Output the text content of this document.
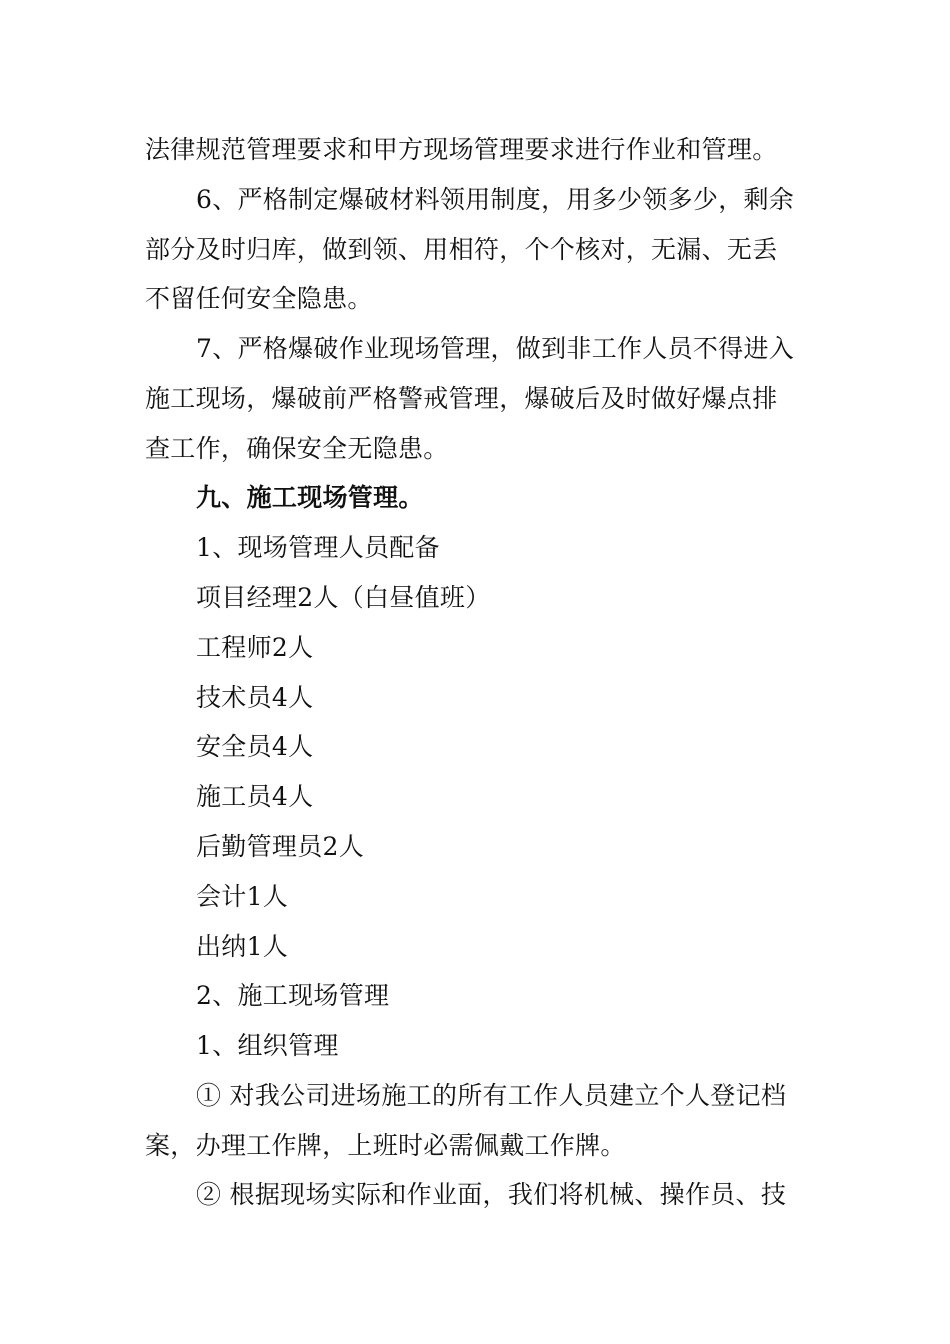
法律规范管理要求和甲方现场管理要求进行作业和管理。
6、严格制定爆破材料领用制度，用多少领多少，剩余
部分及时归库，做到领、用相符，个个核对，无漏、无丢
不留任何安全隐患。
7、严格爆破作业现场管理，做到非工作人员不得进入
施工现场，爆破前严格警戒管理，爆破后及时做好爆点排
查工作，确保安全无隐患。
九、施工现场管理。
1、现场管理人员配备
项目经理2人（白昼值班）
工程师2人
技术员4人
安全员4人
施工员4人
后勤管理员2人
会计1人
出纳1人
2、施工现场管理
1、组织管理
① 对我公司进场施工的所有工作人员建立个人登记档
案，办理工作牌，上班时必需佩戴工作牌。
② 根据现场实际和作业面，我们将机械、操作员、技
